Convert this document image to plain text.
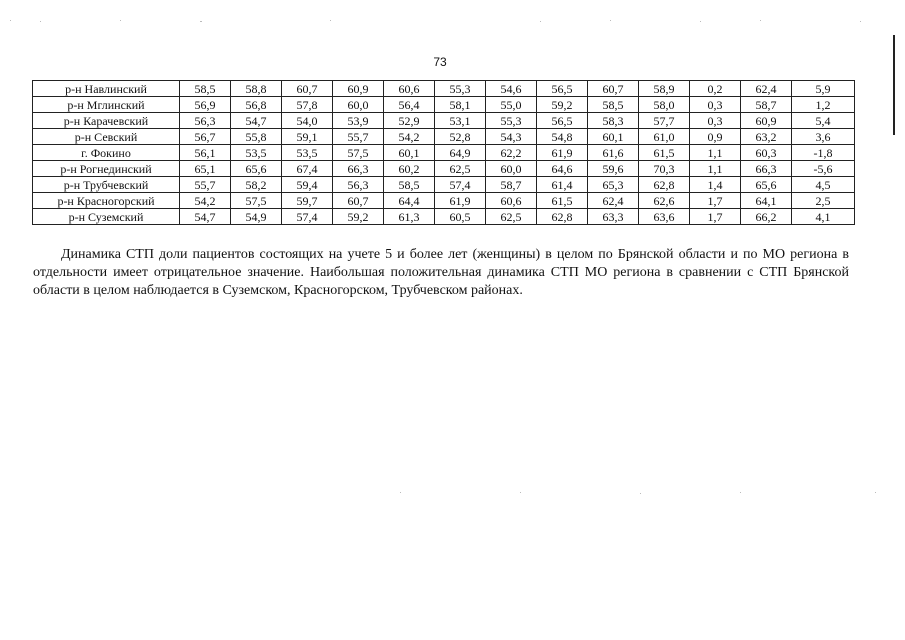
73
р-н Навлинский	58,5	58,8	60,7	60,9	60,6	55,3	54,6	56,5	60,7	58,9	0,2	62,4	5,9
р-н Мглинский	56,9	56,8	57,8	60,0	56,4	58,1	55,0	59,2	58,5	58,0	0,3	58,7	1,2
р-н Карачевский	56,3	54,7	54,0	53,9	52,9	53,1	55,3	56,5	58,3	57,7	0,3	60,9	5,4
р-н Севский	56,7	55,8	59,1	55,7	54,2	52,8	54,3	54,8	60,1	61,0	0,9	63,2	3,6
г. Фокино	56,1	53,5	53,5	57,5	60,1	64,9	62,2	61,9	61,6	61,5	1,1	60,3	-1,8
р-н Рогнединский	65,1	65,6	67,4	66,3	60,2	62,5	60,0	64,6	59,6	70,3	1,1	66,3	-5,6
р-н Трубчевский	55,7	58,2	59,4	56,3	58,5	57,4	58,7	61,4	65,3	62,8	1,4	65,6	4,5
р-н Красногорский	54,2	57,5	59,7	60,7	64,4	61,9	60,6	61,5	62,4	62,6	1,7	64,1	2,5
р-н Суземский	54,7	54,9	57,4	59,2	61,3	60,5	62,5	62,8	63,3	63,6	1,7	66,2	4,1

Динамика СТП доли пациентов состоящих на учете 5 и более лет (женщины) в целом по Брянской области и по МО региона в отдельности имеет отрицательное значение. Наибольшая положительная динамика СТП МО региона в сравнении с СТП Брянской области в целом наблюдается в Суземском, Красногорском, Трубчевском районах.
